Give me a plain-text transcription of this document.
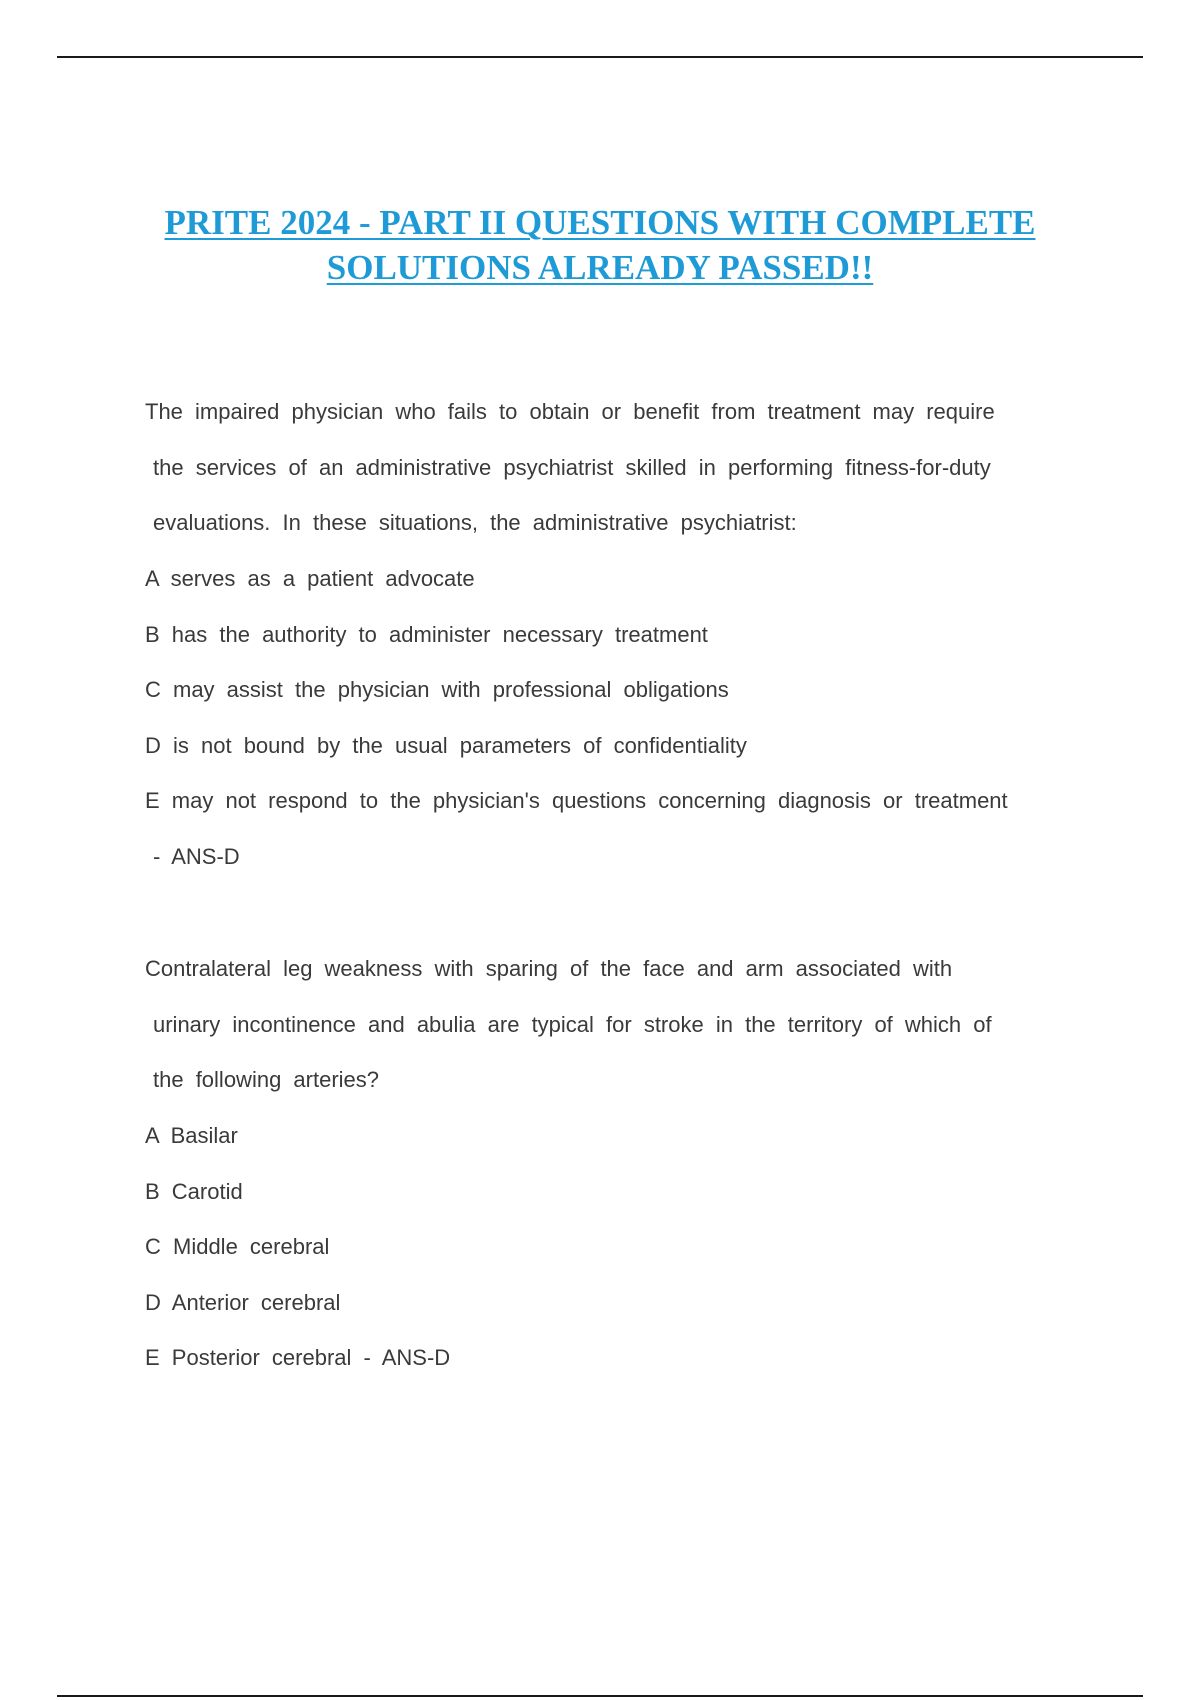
PRITE 2024 - PART II QUESTIONS WITH COMPLETE
SOLUTIONS ALREADY PASSED!!
The impaired physician who fails to obtain or benefit from treatment may require
the services of an administrative psychiatrist skilled in performing fitness-for-duty
evaluations. In these situations, the administrative psychiatrist:
A serves as a patient advocate
B has the authority to administer necessary treatment
C may assist the physician with professional obligations
D is not bound by the usual parameters of confidentiality
E may not respond to the physician's questions concerning diagnosis or treatment
- ANS-D
Contralateral leg weakness with sparing of the face and arm associated with
urinary incontinence and abulia are typical for stroke in the territory of which of
the following arteries?
A Basilar
B Carotid
C Middle cerebral
D Anterior cerebral
E Posterior cerebral - ANS-D
